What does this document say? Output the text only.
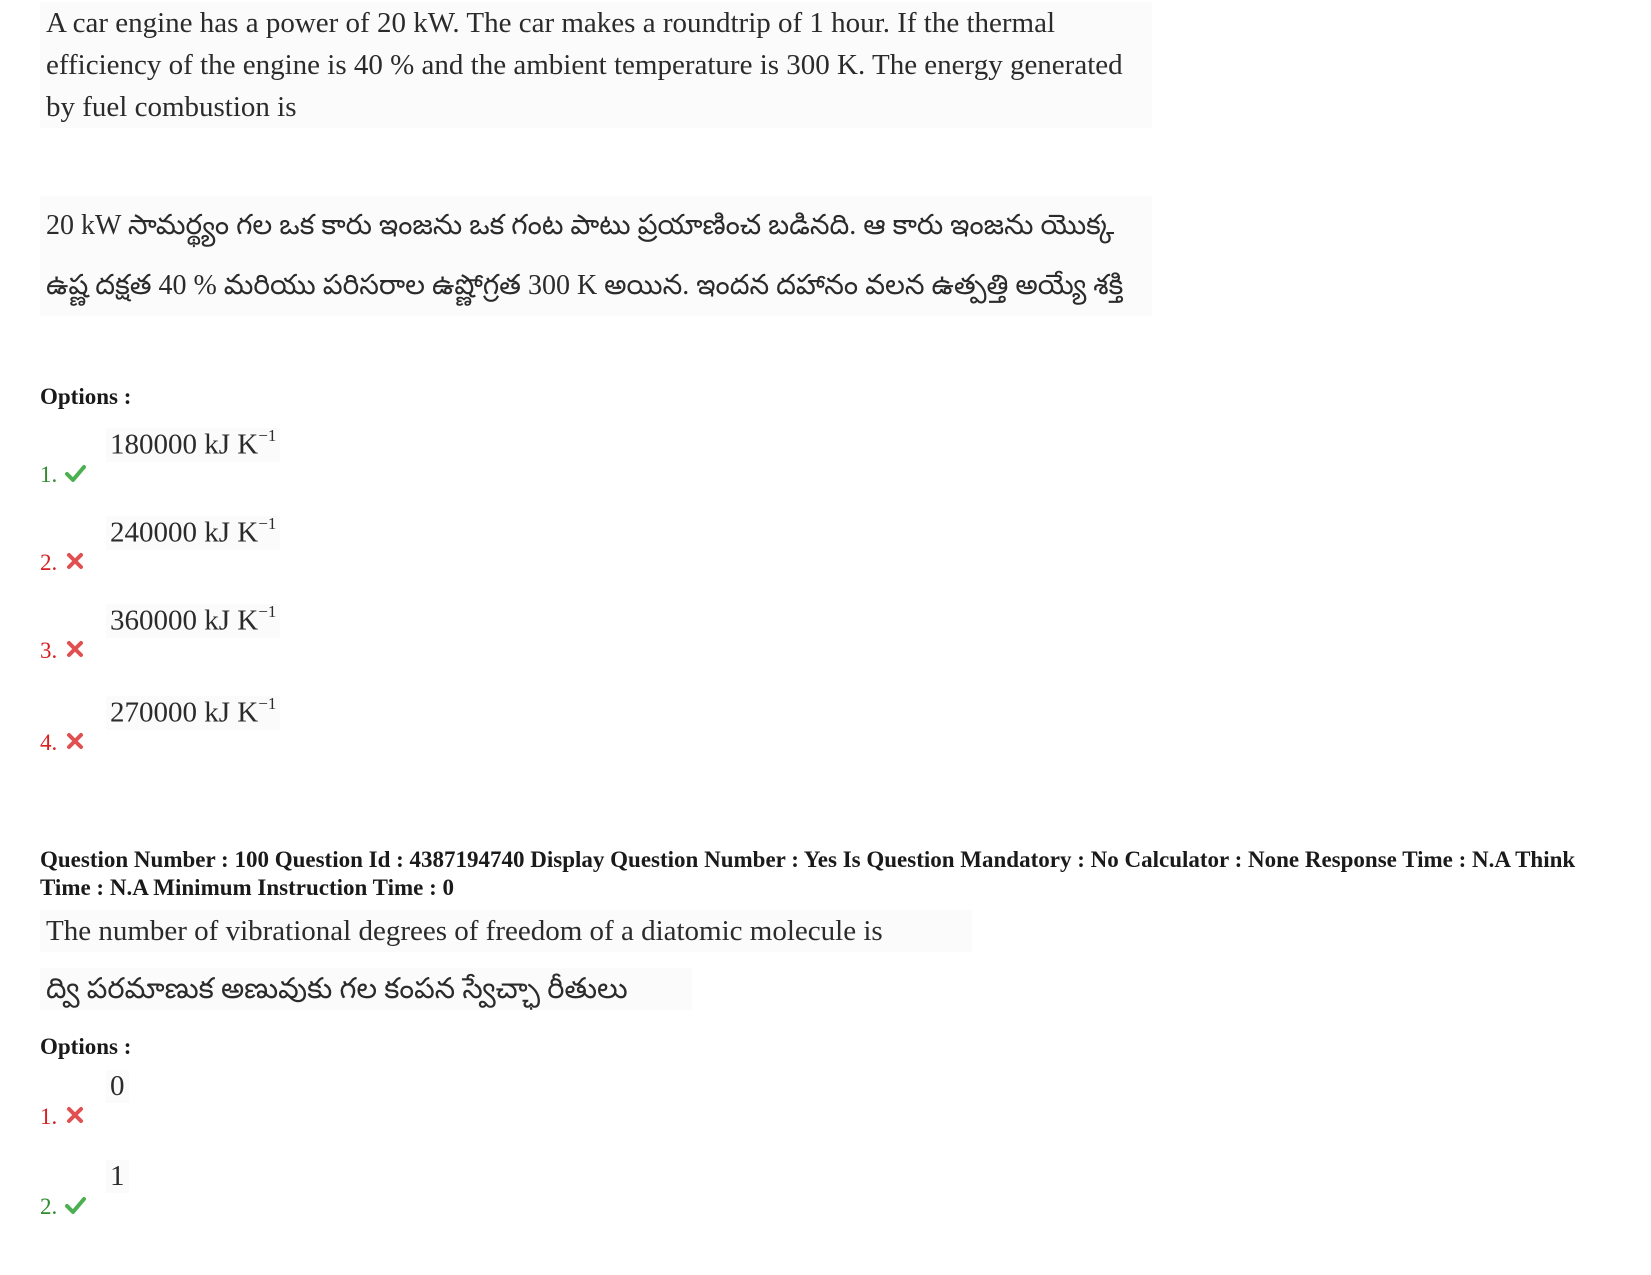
A car engine has a power of 20 kW. The car makes a roundtrip of 1 hour. If the thermal efficiency of the engine is 40 % and the ambient temperature is 300 K. The energy generated by fuel combustion is
20 kW సామర్థ్యం గల ఒక కారు ఇంజను ఒక గంట పాటు ప్రయాణించ బడినది. ఆ కారు ఇంజను యొక్క ఉష్ణ దక్షత 40 % మరియు పరిసరాల ఉష్ణోగ్రత 300 K అయిన. ఇందన దహానం వలన ఉత్పత్తి అయ్యే శక్తి
Options :
1.
180000 kJ $K^{-1}$
2.
240000 kJ $K^{-1}$
3.
360000 kJ $K^{-1}$
4.
270000 kJ $K^{-1}$
Question Number : 100 Question Id : 4387194740 Display Question Number : Yes Is Question Mandatory : No Calculator : None Response Time : N.A Think Time : N.A Minimum Instruction Time : 0
The number of vibrational degrees of freedom of a diatomic molecule is
ద్వి పరమాణుక అణువుకు గల కంపన స్వేచ్ఛా రీతులు
Options :
1.
0
2.
1
